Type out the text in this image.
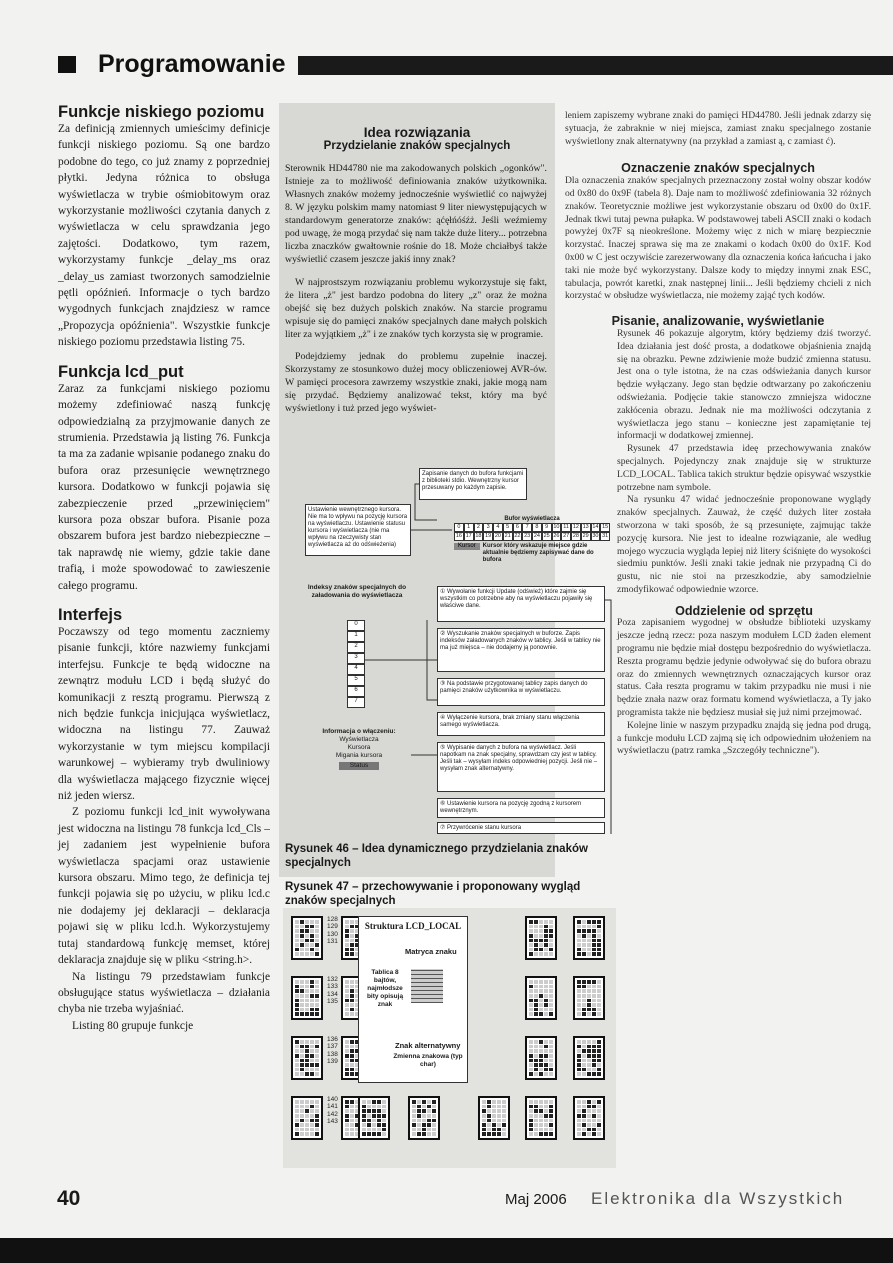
Programowanie
Funkcje niskiego poziomu

Za definicją zmiennych umieścimy definicje funkcji niskiego poziomu. Są one bardzo podobne do tego, co już znamy z poprzedniej płytki. Jedyna różnica to obsługa wyświetlacza w trybie ośmiobitowym oraz wykorzystanie możliwości czytania danych z wyświetlacza w celu sprawdzania jego zajętości. Dodatkowo, tym razem, wykorzystamy funkcje _delay_ms oraz _delay_us zamiast tworzonych samodzielnie pętli opóźnień. Informacje o tych bardzo wygodnych funkcjach znajdziesz w ramce „Propozycja opóźnienia". Wszystkie funkcje niskiego poziomu przedstawia listing 75.

Funkcja lcd_put

Zaraz za funkcjami niskiego poziomu możemy zdefiniować naszą funkcję odpowiedzialną za przyjmowanie danych ze strumienia. Przedstawia ją listing 76. Funkcja ta ma za zadanie wpisanie podanego znaku do bufora oraz przesunięcie wewnętrznego kursora. Dodatkowo w funkcji pojawia się zabezpieczenie przed „przewinięciem" kursora poza obszar bufora. Pisanie poza obszarem bufora jest bardzo niebezpieczne – tak naprawdę nie wiemy, gdzie takie dane trafią, i może spowodować to zawieszenie całego programu.

Interfejs

Poczawszy od tego momentu zaczniemy pisanie funkcji, które nazwiemy funkcjami interfejsu. Funkcje te będą widoczne na zewnątrz modułu LCD i będą służyć do komunikacji z resztą programu. Pierwszą z nich będzie funkcja inicjująca wyświetlacz, widoczna na listingu 77. Zauważ wykorzystanie w tym miejscu kompilacji warunkowej – wybieramy tryb dwuliniowy dla wyświetlacza mającego fizycznie więcej niż jeden wiersz.

Z poziomu funkcji lcd_init wywoływana jest widoczna na listingu 78 funkcja lcd_Cls – jej zadaniem jest wypełnienie bufora wyświetlacza spacjami oraz ustawienie kursora obszaru. Mimo tego, że definicja tej funkcji pojawia się po użyciu, w pliku lcd.c nie dodajemy jej deklaracji – deklaracja pojawi się w pliku lcd.h. Wykorzystujemy tutaj standardową funkcję memset, której deklaracja znajduje się w pliku <string.h>.

Na listingu 79 przedstawiam funkcje obsługujące status wyświetlacza – działania chyba nie trzeba wyjaśniać.

Listing 80 grupuje funkcje

Idea rozwiązania
Przydzielanie znaków specjalnych

Sterownik HD44780 nie ma zakodowanych polskich „ogonków". Istnieje za to możliwość definiowania znaków użytkownika. Własnych znaków możemy jednocześnie wyświetlić co najwyżej 8. W języku polskim mamy natomiast 9 liter niewystępujących w standardowym generatorze znaków: ąćęłńóśźż. Jeśli weźmiemy pod uwagę, że mogą przydać się nam także duże litery... potrzebna liczba znaczków gwałtownie rośnie do 18. Może chciałbyś także wyświetlić czasem jeszcze jakiś inny znak?

W najprostszym rozwiązaniu problemu wykorzystuje się fakt, że litera „ż" jest bardzo podobna do litery „z" oraz że można obejść się bez dużych polskich znaków. Na starcie programu wpisuje się do pamięci znaków specjalnych dane małych polskich liter za wyjątkiem „ż" i ze znaków tych korzysta się w programie.

Podejdziemy jednak do problemu zupełnie inaczej. Skorzystamy ze stosunkowo dużej mocy obliczeniowej AVR-ów. W pamięci procesora zawrzemy wszystkie znaki, jakie mogą nam się przydać. Będziemy analizować tekst, który ma być wyświetlony i tuż przed jego wyświet-

leniem zapiszemy wybrane znaki do pamięci HD44780. Jeśli jednak zdarzy się sytuacja, że zabraknie w niej miejsca, zamiast znaku specjalnego zostanie wyświetlony znak alternatywny (na przykład a zamiast ą, c zamiast ć).

Oznaczenie znaków specjalnych

Dla oznaczenia znaków specjalnych przeznaczony został wolny obszar kodów od 0x80 do 0x9F (tabela 8). Daje nam to możliwość zdefiniowania 32 różnych znaków. Teoretycznie możliwe jest wykorzystanie obszaru od 0x00 do 0x1F. Jednak tkwi tutaj pewna pułapka. W podstawowej tabeli ASCII znaki o kodach powyżej 0x7F są nieokreślone. Możemy więc z nich w miarę bezpiecznie korzystać. Inaczej sprawa się ma ze znakami o kodach 0x00 do 0x1F. Kod 0x00 w C jest oczywiście zarezerwowany dla oznaczenia końca łańcucha i jako taki nie może być wykorzystany. Dalsze kody to między innymi znak ESC, tabulacja, powrót karetki, znak następnej linii... Jeśli będziemy chcieli z nich korzystać w obsłudze wyświetlacza, nie możemy zająć tych kodów.

Pisanie, analizowanie, wyświetlanie

Rysunek 46 pokazuje algorytm, który będziemy dziś tworzyć. Idea działania jest dość prosta, a dodatkowe objaśnienia znajdą się na obrazku. Pewne zdziwienie może budzić zmienna statusu. Jest ona o tyle istotna, że na czas odświeżania danych kursor będzie wyłączany. Jego stan będzie odtwarzany po zakończeniu odświeżania. Podjęcie takie stanowczo zmniejsza widoczne zakłócenia obrazu. Jednak nie ma możliwości odczytania z wyświetlacza jego stanu – konieczne jest zapamiętanie tej informacji w dodatkowej zmiennej.

Rysunek 47 przedstawia ideę przechowywania znaków specjalnych. Pojedynczy znak znajduje się w strukturze LCD_LOCAL. Tablica takich struktur będzie opisywać wszystkie potrzebne nam symbole.

Na rysunku 47 widać jednocześnie proponowane wyglądy znaków specjalnych. Zauważ, że część dużych liter została stworzona w taki sposób, że są przesunięte, zajmując także pozycję kursora. Nie jest to idealne rozwiązanie, ale według mojego wyczucia wygląda lepiej niż litery ściśnięte do wysokości siedmiu punktów. Jeśli znaki takie jednak nie przypadną Ci do gustu, nic nie stoi na przeszkodzie, aby samodzielnie zmodyfikować odpowiednie wzorce.

Oddzielenie od sprzętu

Poza zapisaniem wygodnej w obsłudze biblioteki uzyskamy jeszcze jedną rzecz: poza naszym modułem LCD żaden element programu nie będzie miał dostępu bezpośrednio do wyświetlacza. Reszta programu będzie jedynie odwoływać się do bufora obrazu oraz do zmiennych wewnętrznych oznaczających kursor oraz status. Cała reszta programu w takim przypadku nie musi i nie będzie znała nazw oraz formatu komend wyświetlacza, a Ty jako programista także nie będziesz musiał się już nimi przejmować.

Kolejne linie w naszym przypadku znajdą się jedna pod drugą, a funkcje modułu LCD zajmą się ich odpowiednim ułożeniem na wyświetlaczu (patrz ramka „Szczegóły techniczne").

Zapisanie danych do bufora funkcjami z biblioteki stdio. Wewnętrzny kursor przesuwany po każdym zapisie.
Ustawienie wewnętrznego kursora. Nie ma to wpływu na pozycję kursora na wyświetlaczu. Ustawienie statusu kursora i wyświetlacza (nie ma wpływu na rzeczywisty stan wyświetlacza aż do odświeżenia)
Bufor wyświetlacza
0	1	2	3	4	5	6	7	8	9 10 11 12 13 14 15
16 17 18 19 20 21 22 23 24 25 26 27 28 29 30 31
Kursor	Kursor który wskazuje miejsce gdzie aktualnie będziemy zapisywać dane do bufora
Indeksy znaków specjalnych do załadowania do wyświetlacza
0
1
2
3
4
5
6
7
① Wywołanie funkcji Update (odśwież) które zajmie się wszystkim co potrzebne aby na wyświetlaczu pojawiły się właściwe dane.
② Wyszukanie znaków specjalnych w buforze. Zapis indeksów załadowanych znaków w tablicy. Jeśli w tablicy nie ma już miejsca – nie dodajemy ją ponownie.
③ Na podstawie przygotowanej tablicy zapis danych do pamięci znaków użytkownika w wyświetlaczu.
④ Wyłączenie kursora, brak zmiany stanu włączenia samego wyświetlacza.
⑤ Wypisanie danych z bufora na wyświetlacz. Jeśli napotkam na znak specjalny, sprawdzam czy jest w tablicy. Jeśli tak – wysyłam indeks odpowiedniej pozycji. Jeśli nie – wysyłam znak alternatywny.
⑥ Ustawienie kursora na pozycję zgodną z kursorem wewnętrznym.
⑦ Przywrócenie stanu kursora
Informacja o włączeniu:
Wyświetlacza
Kursora
Migania kursora
Status
Rysunek 46 – Idea dynamicznego przydzielania znaków specjalnych
Rysunek 47 – przechowywanie i proponowany wygląd znaków specjalnych
128 129 130 131
132 133 134 135
136 137 138 139
140 141 142 143
Struktura LCD_LOCAL
Matryca znaku
Tablica 8 bajtów, najmłodsze bity opisują znak
Znak alternatywny
Zmienna znakowa (typ char)
40	Maj 2006 Elektronika dla Wszystkich
